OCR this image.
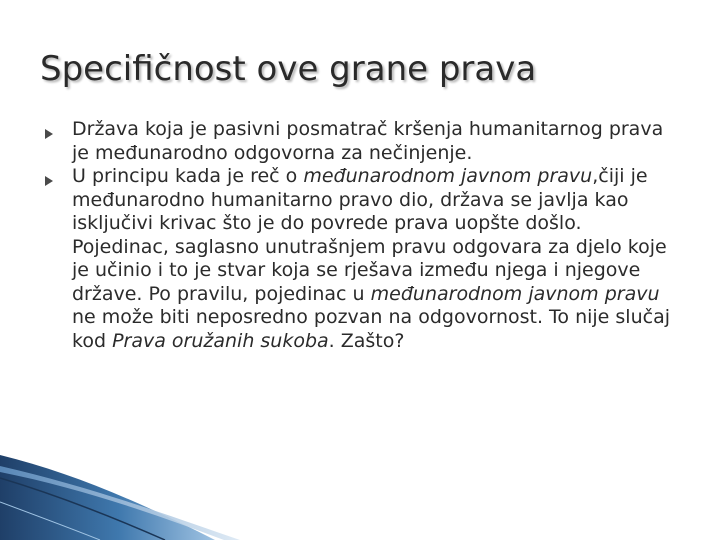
Specifičnost ove grane prava
Država koja je pasivni posmatrač kršenja humanitarnog prava je međunarodno odgovorna za nečinjenje.
U principu kada je reč o međunarodnom javnom pravu,čiji je međunarodno humanitarno pravo dio, država se javlja kao isključivi krivac što je do povrede prava uopšte došlo. Pojedinac, saglasno unutrašnjem pravu odgovara za djelo koje je učinio i to je stvar koja se rješava između njega i njegove države. Po pravilu, pojedinac u međunarodnom javnom pravu ne može biti neposredno pozvan na odgovornost. To nije slučaj kod Prava oružanih sukoba. Zašto?
